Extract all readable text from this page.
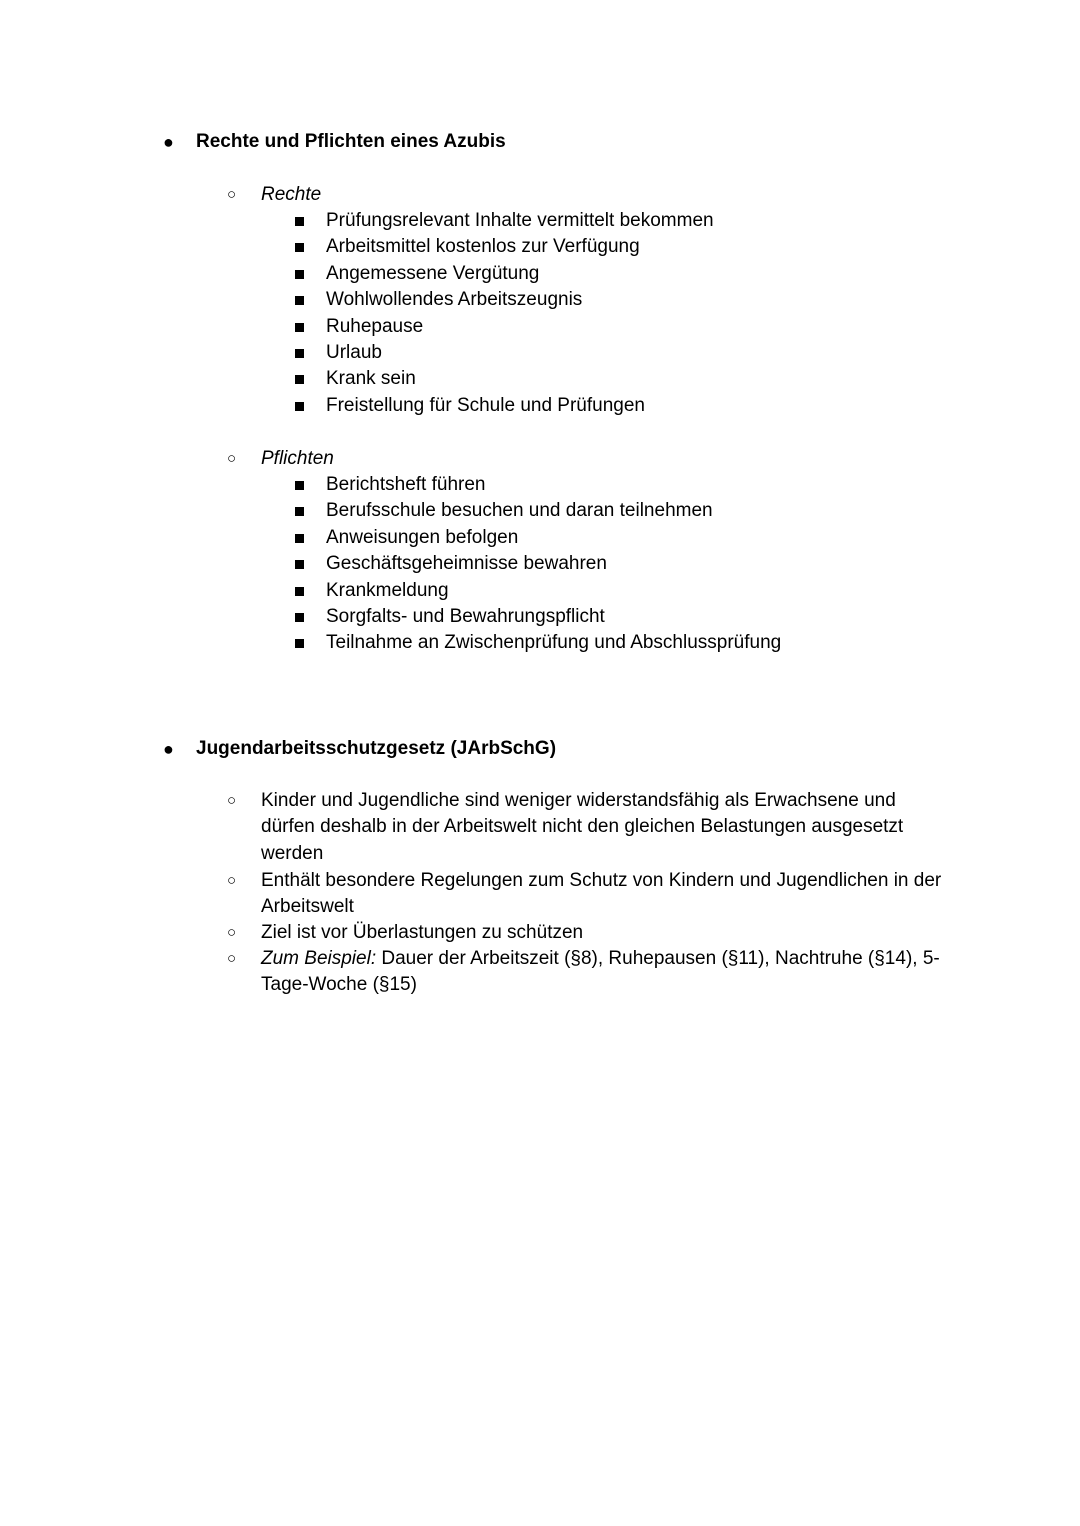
● Rechte und Pflichten eines Azubis
○ Rechte
Prüfungsrelevant Inhalte vermittelt bekommen
Arbeitsmittel kostenlos zur Verfügung
Angemessene Vergütung
Wohlwollendes Arbeitszeugnis
Ruhepause
Urlaub
Krank sein
Freistellung für Schule und Prüfungen
○ Pflichten
Berichtsheft führen
Berufsschule besuchen und daran teilnehmen
Anweisungen befolgen
Geschäftsgeheimnisse bewahren
Krankmeldung
Sorgfalts- und Bewahrungspflicht
Teilnahme an Zwischenprüfung und Abschlussprüfung
● Jugendarbeitsschutzgesetz (JArbSchG)
○ Kinder und Jugendliche sind weniger widerstandsfähig als Erwachsene und dürfen deshalb in der Arbeitswelt nicht den gleichen Belastungen ausgesetzt werden
○ Enthält besondere Regelungen zum Schutz von Kindern und Jugendlichen in der Arbeitswelt
○ Ziel ist vor Überlastungen zu schützen
○ Zum Beispiel: Dauer der Arbeitszeit (§8), Ruhepausen (§11), Nachtruhe (§14), 5-Tage-Woche (§15)
